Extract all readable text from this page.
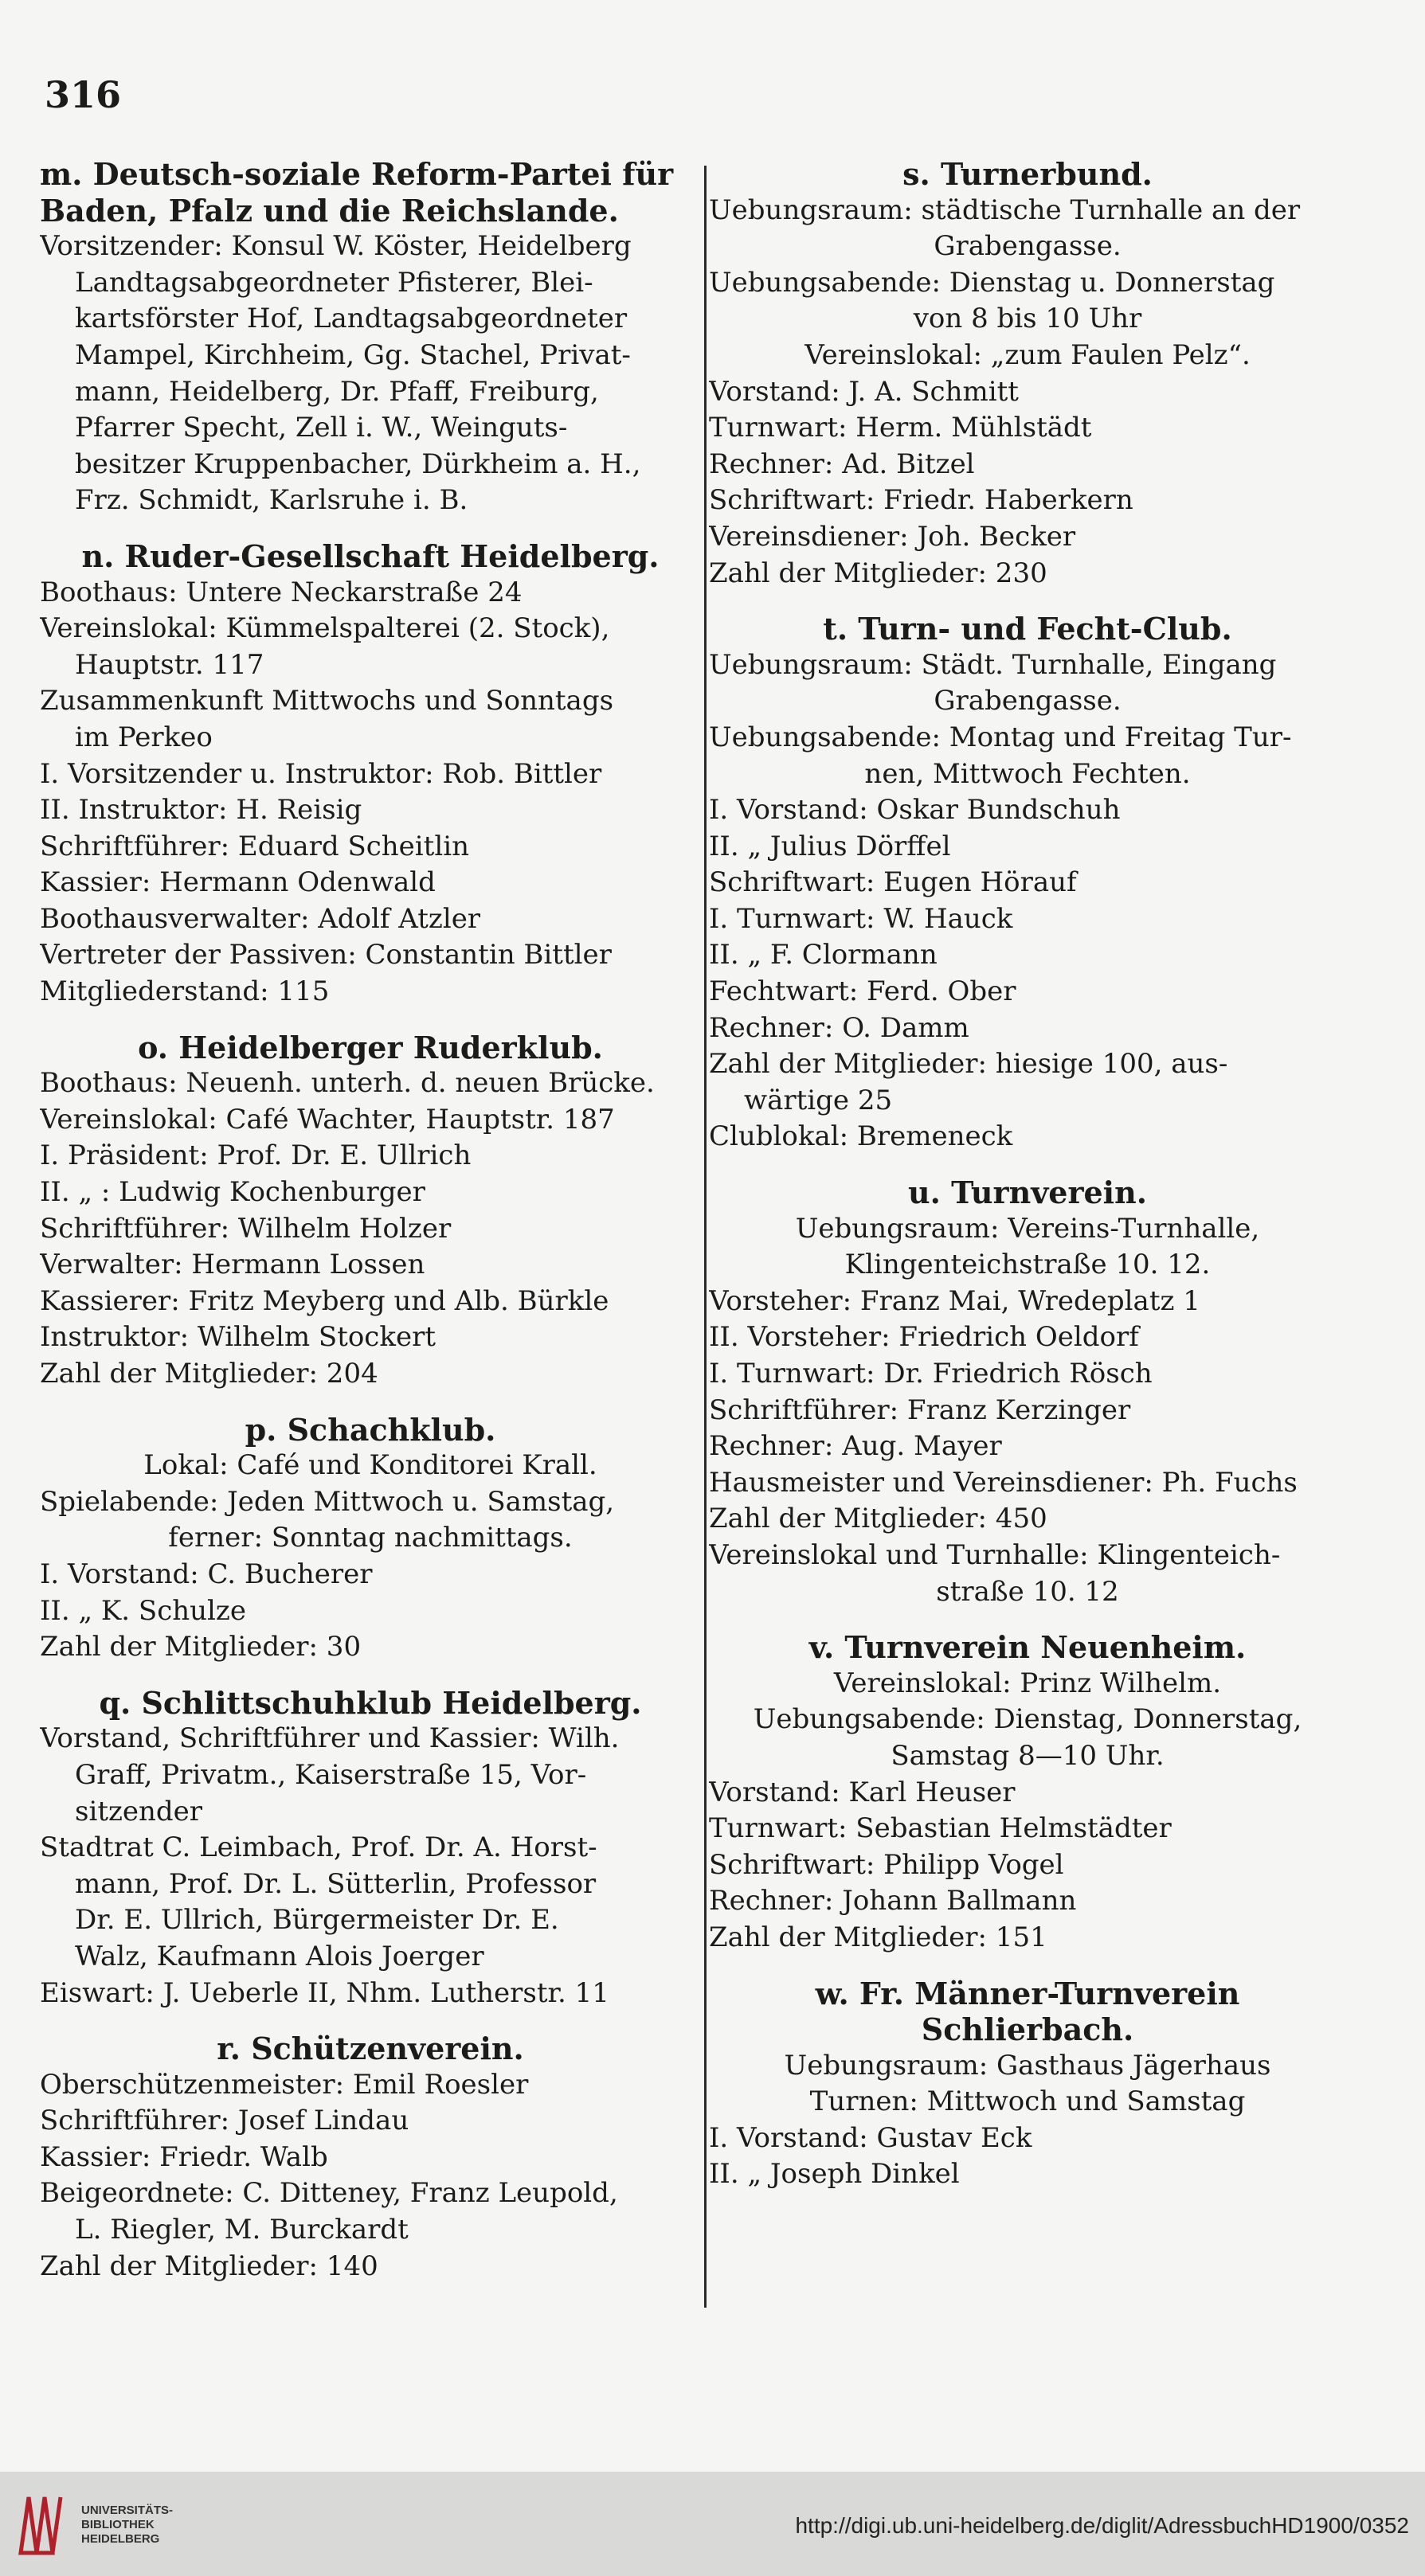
316
m. Deutsch-soziale Reform-Partei für
Baden, Pfalz und die Reichslande.
Vorsitzender: Konsul W. Köster, Heidelberg
Landtagsabgeordneter Pfisterer, Blei-
kartsförster Hof, Landtagsabgeordneter
Mampel, Kirchheim, Gg. Stachel, Privat-
mann, Heidelberg, Dr. Pfaff, Freiburg,
Pfarrer Specht, Zell i. W., Weinguts-
besitzer Kruppenbacher, Dürkheim a. H.,
Frz. Schmidt, Karlsruhe i. B.
n. Ruder-Gesellschaft Heidelberg.
Boothaus: Untere Neckarstraße 24
Vereinslokal: Kümmelspalterei (2. Stock),
Hauptstr. 117
Zusammenkunft Mittwochs und Sonntags
im Perkeo
I. Vorsitzender u. Instruktor: Rob. Bittler
II. Instruktor: H. Reisig
Schriftführer: Eduard Scheitlin
Kassier: Hermann Odenwald
Boothausverwalter: Adolf Atzler
Vertreter der Passiven: Constantin Bittler
Mitgliederstand: 115
o. Heidelberger Ruderklub.
Boothaus: Neuenh. unterh. d. neuen Brücke.
Vereinslokal: Café Wachter, Hauptstr. 187
I. Präsident: Prof. Dr. E. Ullrich
II. „ : Ludwig Kochenburger
Schriftführer: Wilhelm Holzer
Verwalter: Hermann Lossen
Kassierer: Fritz Meyberg und Alb. Bürkle
Instruktor: Wilhelm Stockert
Zahl der Mitglieder: 204
p. Schachklub.
Lokal: Café und Konditorei Krall.
Spielabende: Jeden Mittwoch u. Samstag,
ferner: Sonntag nachmittags.
I. Vorstand: C. Bucherer
II. „ K. Schulze
Zahl der Mitglieder: 30
q. Schlittschuhklub Heidelberg.
Vorstand, Schriftführer und Kassier: Wilh.
Graff, Privatm., Kaiserstraße 15, Vor-
sitzender
Stadtrat C. Leimbach, Prof. Dr. A. Horst-
mann, Prof. Dr. L. Sütterlin, Professor
Dr. E. Ullrich, Bürgermeister Dr. E.
Walz, Kaufmann Alois Joerger
Eiswart: J. Ueberle II, Nhm. Lutherstr. 11
r. Schützenverein.
Oberschützenmeister: Emil Roesler
Schriftführer: Josef Lindau
Kassier: Friedr. Walb
Beigeordnete: C. Ditteney, Franz Leupold,
L. Riegler, M. Burckardt
Zahl der Mitglieder: 140
s. Turnerbund.
Uebungsraum: städtische Turnhalle an der
Grabengasse.
Uebungsabende: Dienstag u. Donnerstag
von 8 bis 10 Uhr
Vereinslokal: „zum Faulen Pelz“.
Vorstand: J. A. Schmitt
Turnwart: Herm. Mühlstädt
Rechner: Ad. Bitzel
Schriftwart: Friedr. Haberkern
Vereinsdiener: Joh. Becker
Zahl der Mitglieder: 230
t. Turn- und Fecht-Club.
Uebungsraum: Städt. Turnhalle, Eingang
Grabengasse.
Uebungsabende: Montag und Freitag Tur-
nen, Mittwoch Fechten.
I. Vorstand: Oskar Bundschuh
II. „ Julius Dörffel
Schriftwart: Eugen Hörauf
I. Turnwart: W. Hauck
II. „ F. Clormann
Fechtwart: Ferd. Ober
Rechner: O. Damm
Zahl der Mitglieder: hiesige 100, aus-
wärtige 25
Clublokal: Bremeneck
u. Turnverein.
Uebungsraum: Vereins-Turnhalle,
Klingenteichstraße 10. 12.
Vorsteher: Franz Mai, Wredeplatz 1
II. Vorsteher: Friedrich Oeldorf
I. Turnwart: Dr. Friedrich Rösch
Schriftführer: Franz Kerzinger
Rechner: Aug. Mayer
Hausmeister und Vereinsdiener: Ph. Fuchs
Zahl der Mitglieder: 450
Vereinslokal und Turnhalle: Klingenteich-
straße 10. 12
v. Turnverein Neuenheim.
Vereinslokal: Prinz Wilhelm.
Uebungsabende: Dienstag, Donnerstag,
Samstag 8—10 Uhr.
Vorstand: Karl Heuser
Turnwart: Sebastian Helmstädter
Schriftwart: Philipp Vogel
Rechner: Johann Ballmann
Zahl der Mitglieder: 151
w. Fr. Männer-Turnverein
Schlierbach.
Uebungsraum: Gasthaus Jägerhaus
Turnen: Mittwoch und Samstag
I. Vorstand: Gustav Eck
II. „ Joseph Dinkel
UNIVERSITÄTS-
BIBLIOTHEK
HEIDELBERG
http://digi.ub.uni-heidelberg.de/diglit/AdressbuchHD1900/0352
